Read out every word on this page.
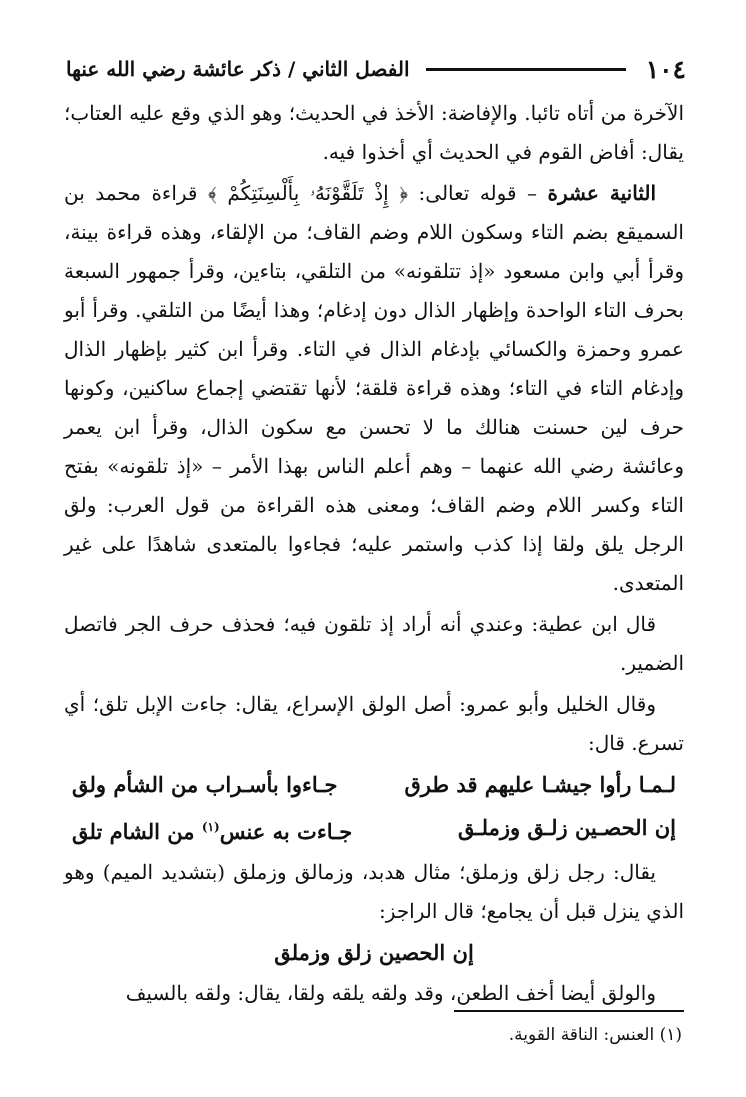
١٠٤
الفصل الثاني / ذكر عائشة رضي الله عنها

الآخرة من أتاه تائبا. والإفاضة: الأخذ في الحديث؛ وهو الذي وقع عليه العتاب؛ يقال: أفاض القوم في الحديث أي أخذوا فيه.

الثانية عشرة – قوله تعالى: ﴿ إِذْ تَلَقَّوْنَهُۥ بِأَلْسِنَتِكُمْ ﴾ قراءة محمد بن السميقع بضم التاء وسكون اللام وضم القاف؛ من الإلقاء، وهذه قراءة بينة، وقرأ أبي وابن مسعود «إذ تتلقونه» من التلقي، بتاءين، وقرأ جمهور السبعة بحرف التاء الواحدة وإظهار الذال دون إدغام؛ وهذا أيضًا من التلقي. وقرأ أبو عمرو وحمزة والكسائي بإدغام الذال في التاء. وقرأ ابن كثير بإظهار الذال وإدغام التاء في التاء؛ وهذه قراءة قلقة؛ لأنها تقتضي إجماع ساكنين، وكونها حرف لين حسنت هنالك ما لا تحسن مع سكون الذال، وقرأ ابن يعمر وعائشة رضي الله عنهما – وهم أعلم الناس بهذا الأمر – «إذ تلقونه» بفتح التاء وكسر اللام وضم القاف؛ ومعنى هذه القراءة من قول العرب: ولق الرجل يلق ولقا إذا كذب واستمر عليه؛ فجاءوا بالمتعدى شاهدًا على غير المتعدى.

قال ابن عطية: وعندي أنه أراد إذ تلقون فيه؛ فحذف حرف الجر فاتصل الضمير.

وقال الخليل وأبو عمرو: أصل الولق الإسراع، يقال: جاءت الإبل تلق؛ أي تسرع. قال:

لـمـا رأوا جيشـا عليهم قد طرق
جـاءوا بأسـراب من الشأم ولق
إن الحصـين زلـق وزملـق
جـاءت به عنس$^{(١)}$ من الشام تلق

يقال: رجل زلق وزملق؛ مثال هدبد، وزمالق وزملق (بتشديد الميم) وهو الذي ينزل قبل أن يجامع؛ قال الراجز:

إن الحصين زلق وزملق

والولق أيضا أخف الطعن، وقد ولقه يلقه ولقا، يقال: ولقه بالسيف

(١) العنس: الناقة القوية.
